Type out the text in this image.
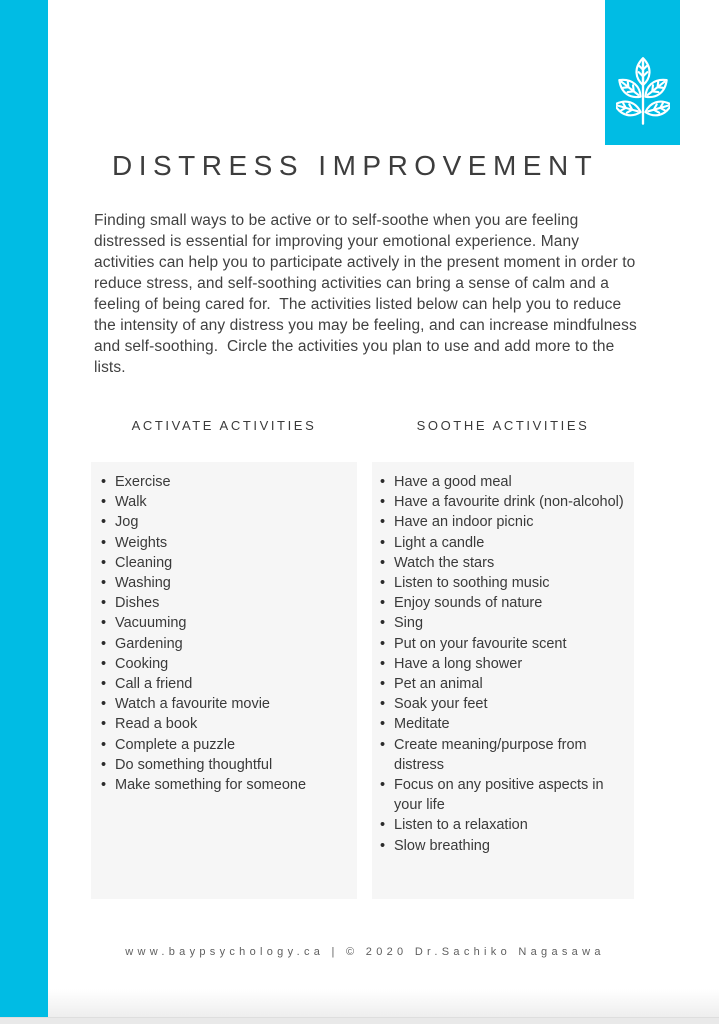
DISTRESS IMPROVEMENT

Finding small ways to be active or to self-soothe when you are feeling distressed is essential for improving your emotional experience. Many activities can help you to participate actively in the present moment in order to reduce stress, and self-soothing activities can bring a sense of calm and a feeling of being cared for.  The activities listed below can help you to reduce the intensity of any distress you may be feeling, and can increase mindfulness and self-soothing.  Circle the activities you plan to use and add more to the lists.

ACTIVATE ACTIVITIES
• Exercise
• Walk
• Jog
• Weights
• Cleaning
• Washing
• Dishes
• Vacuuming
• Gardening
• Cooking
• Call a friend
• Watch a favourite movie
• Read a book
• Complete a puzzle
• Do something thoughtful
• Make something for someone
SOOTHE ACTIVITIES
• Have a good meal
• Have a favourite drink (non-alcohol)
• Have an indoor picnic
• Light a candle
• Watch the stars
• Listen to soothing music
• Enjoy sounds of nature
• Sing
• Put on your favourite scent
• Have a long shower
• Pet an animal
• Soak your feet
• Meditate
• Create meaning/purpose from distress
• Focus on any positive aspects in your life
• Listen to a relaxation
• Slow breathing
www.baypsychology.ca | © 2020 Dr.Sachiko Nagasawa
